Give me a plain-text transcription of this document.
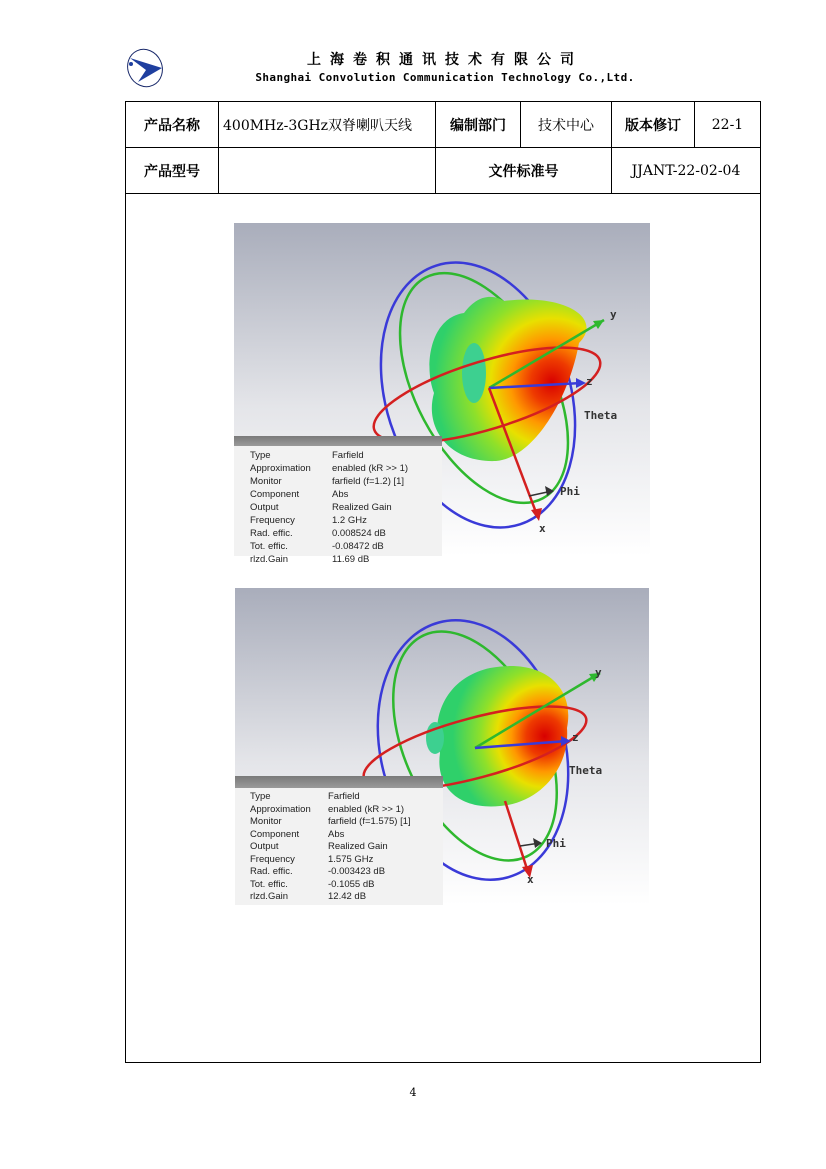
上海卷积通讯技术有限公司
Shanghai Convolution Communication Technology Co.,Ltd.
产品名称	400MHz-3GHz双脊喇叭天线	编制部门	技术中心	版本修订	22-1
产品型号		文件标准号		JJANT-22-02-04	
y
z
Theta
Phi
x
Type	Farfield
Approximation enabled (kR >> 1)
Monitor	farfield (f=1.2) [1]
Component	Abs
Output	Realized Gain
Frequency	1.2 GHz
Rad. effic.	0.008524 dB
Tot. effic.	-0.08472 dB
rlzd.Gain	11.69 dB
y
z
Theta
Phi
x
Type	Farfield
Approximation enabled (kR >> 1)
Monitor	farfield (f=1.575) [1]
Component	Abs
Output	Realized Gain
Frequency	1.575 GHz
Rad. effic.	-0.003423 dB
Tot. effic.	-0.1055 dB
rlzd.Gain	12.42 dB
4
